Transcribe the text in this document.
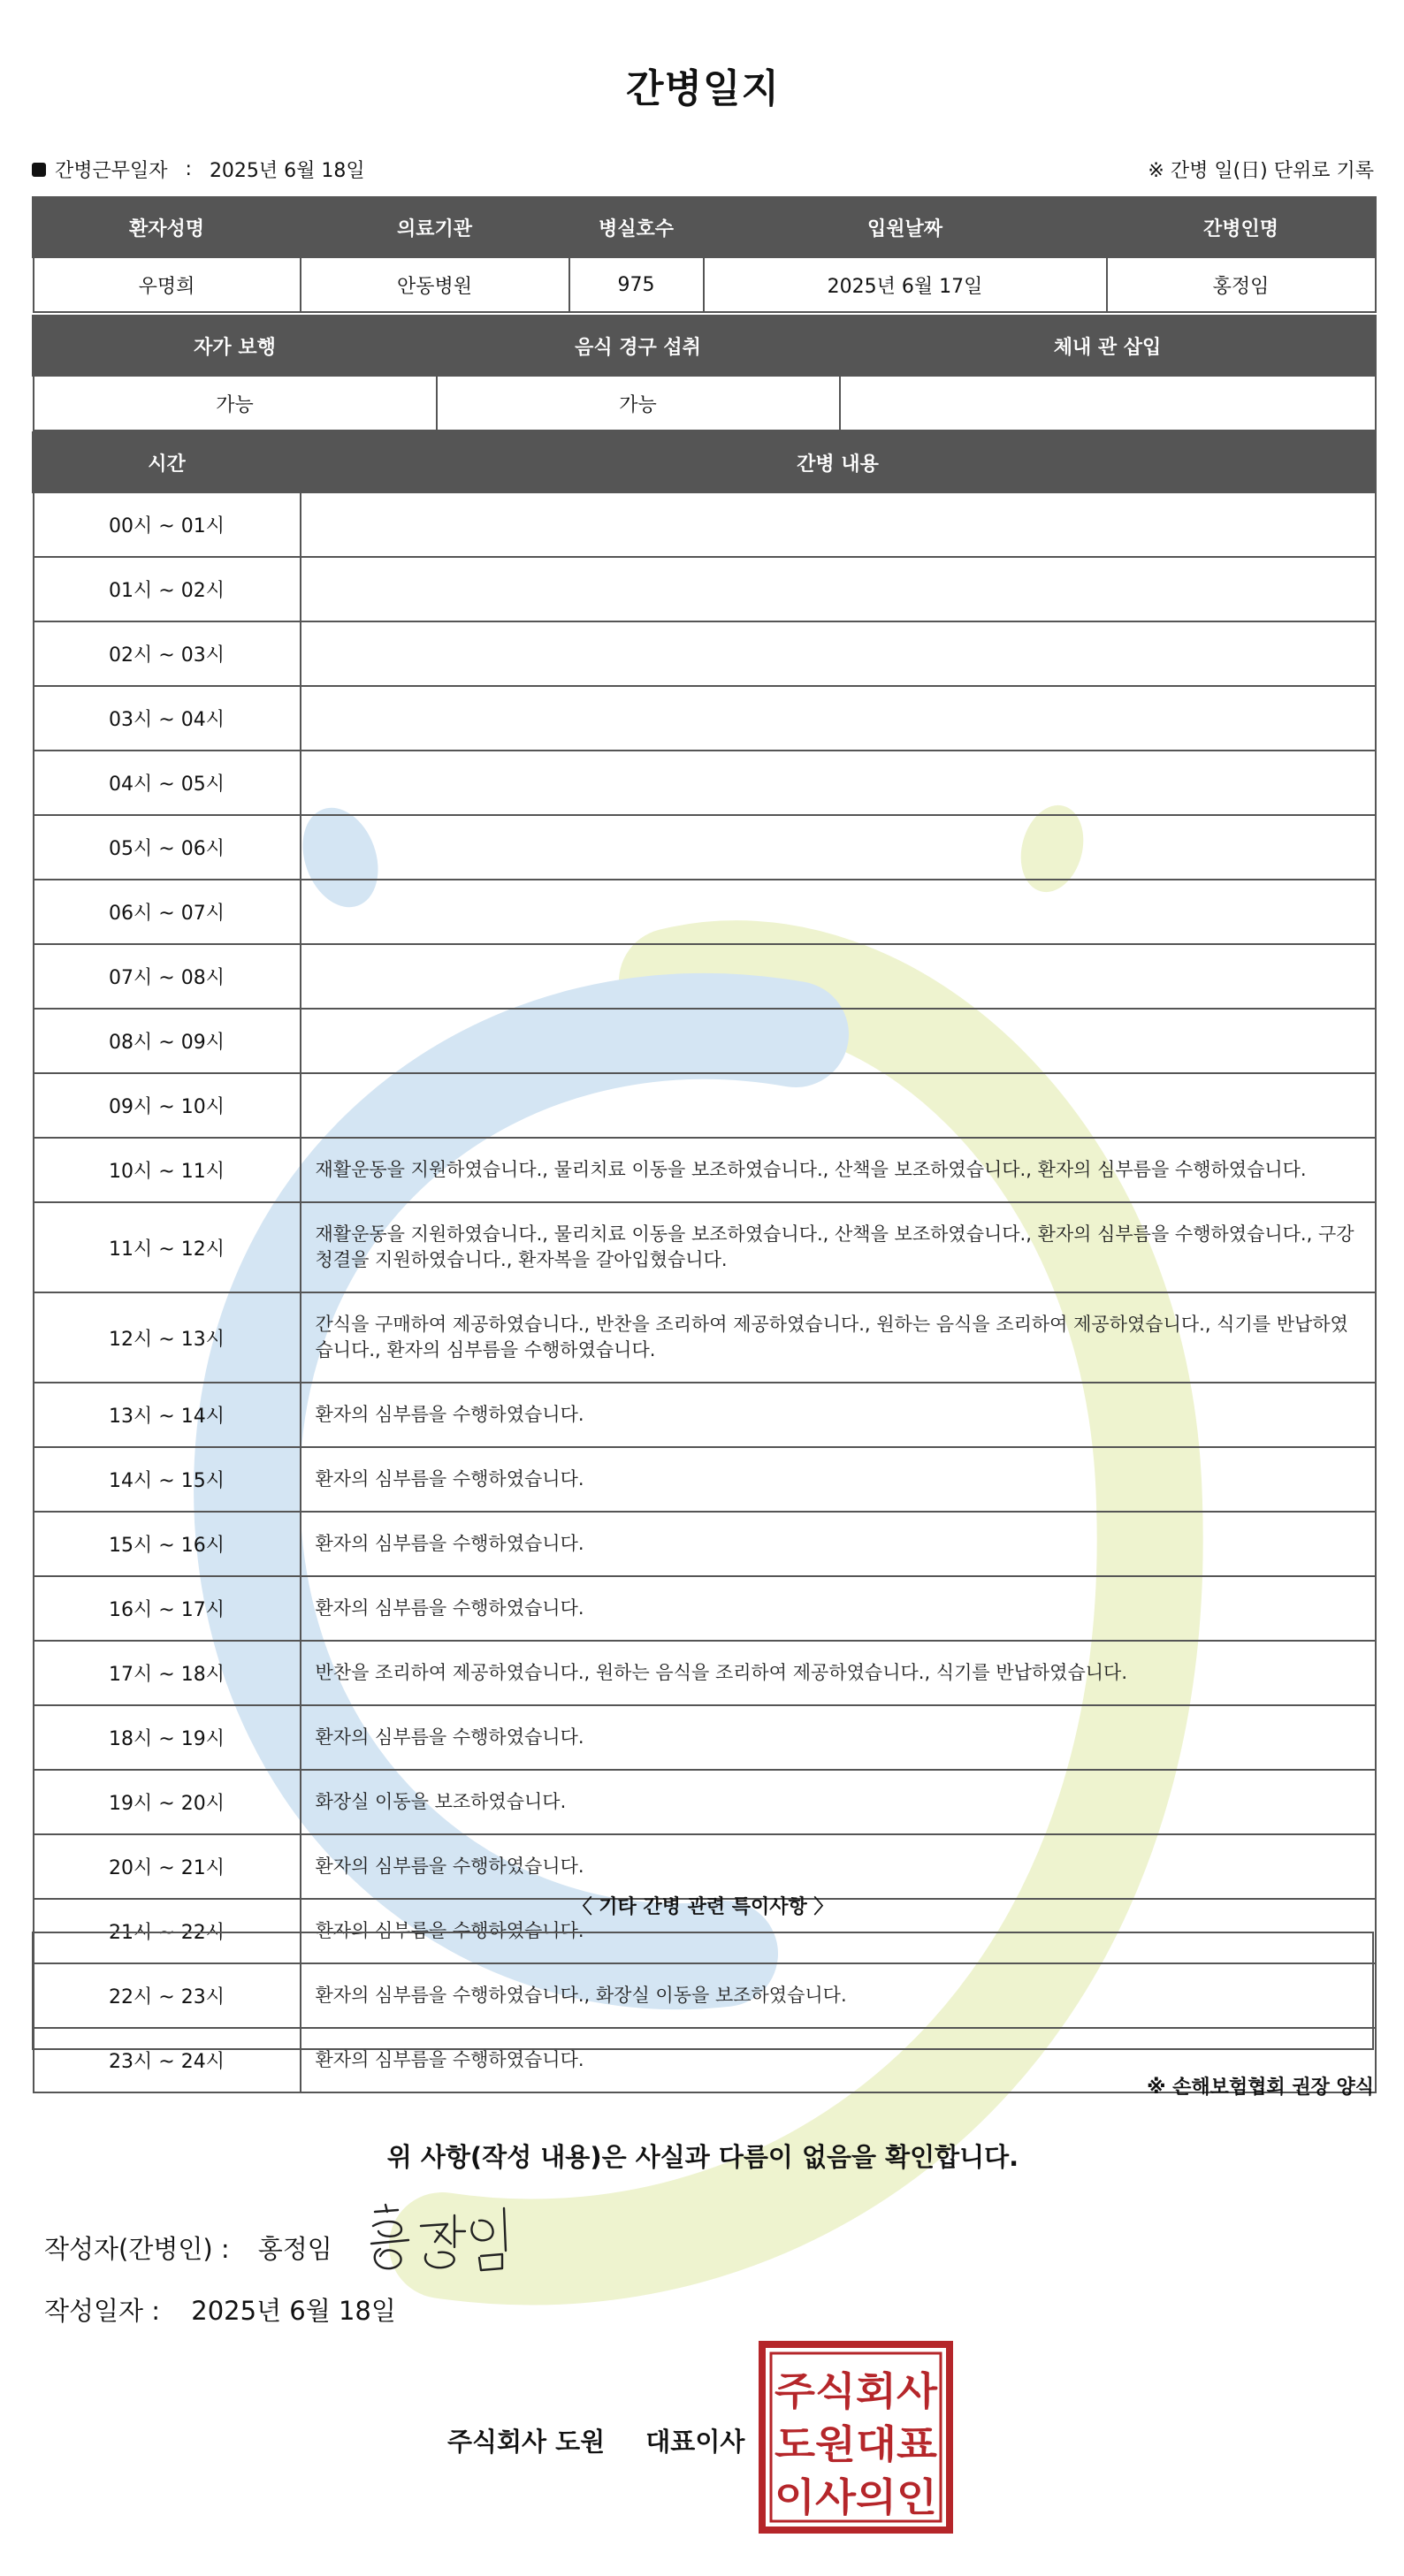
간병일지
간병근무일자 : 2025년 6월 18일	※ 간병 일(日) 단위로 기록
환자성명	의료기관	병실호수	입원날짜	간병인명
우명희	안동병원	975	2025년 6월 17일	홍정임
자가 보행	음식 경구 섭취	체내 관 삽입
가능	가능	
시간	간병 내용
00시 ~ 01시	
01시 ~ 02시	
02시 ~ 03시	
03시 ~ 04시	
04시 ~ 05시	
05시 ~ 06시	
06시 ~ 07시	
07시 ~ 08시	
08시 ~ 09시	
09시 ~ 10시	
10시 ~ 11시	재활운동을 지원하였습니다., 물리치료 이동을 보조하였습니다., 산책을 보조하였습니다., 환자의 심부름을 수행하였습니다.
11시 ~ 12시	재활운동을 지원하였습니다., 물리치료 이동을 보조하였습니다., 산책을 보조하였습니다., 환자의 심부름을 수행하였습니다., 구강청결을 지원하였습니다., 환자복을 갈아입혔습니다.
12시 ~ 13시	간식을 구매하여 제공하였습니다., 반찬을 조리하여 제공하였습니다., 원하는 음식을 조리하여 제공하였습니다., 식기를 반납하였습니다., 환자의 심부름을 수행하였습니다.
13시 ~ 14시	환자의 심부름을 수행하였습니다.
14시 ~ 15시	환자의 심부름을 수행하였습니다.
15시 ~ 16시	환자의 심부름을 수행하였습니다.
16시 ~ 17시	환자의 심부름을 수행하였습니다.
17시 ~ 18시	반찬을 조리하여 제공하였습니다., 원하는 음식을 조리하여 제공하였습니다., 식기를 반납하였습니다.
18시 ~ 19시	환자의 심부름을 수행하였습니다.
19시 ~ 20시	화장실 이동을 보조하였습니다.
20시 ~ 21시	환자의 심부름을 수행하였습니다.
21시 ~ 22시	환자의 심부름을 수행하였습니다.
22시 ~ 23시	환자의 심부름을 수행하였습니다., 화장실 이동을 보조하였습니다.
23시 ~ 24시	환자의 심부름을 수행하였습니다.
〈 기타 간병 관련 특이사항 〉
※ 손해보험협회 권장 양식
위 사항(작성 내용)은 사실과 다름이 없음을 확인합니다.
작성자(간병인) : 홍정임
작성일자 : 2025년 6월 18일
주식회사 도원 대표이사
주식회사
도원대표
이사의인
